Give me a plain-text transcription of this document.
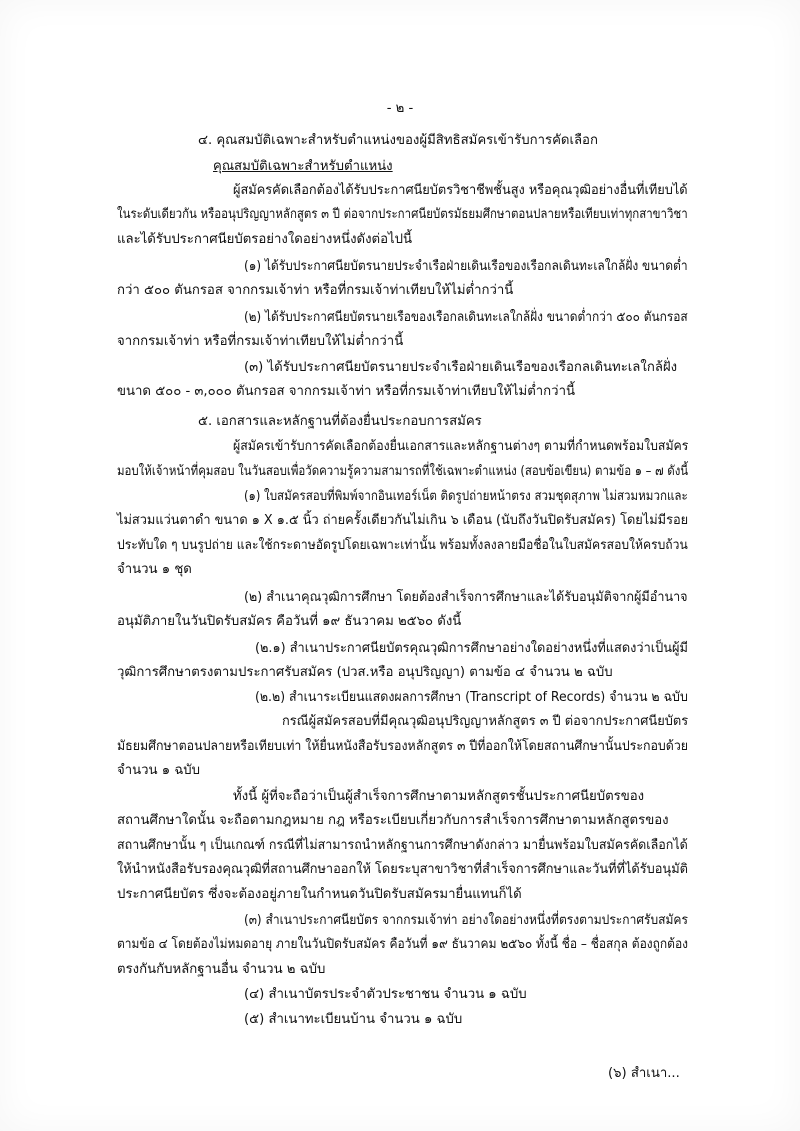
- ๒ -
๔. คุณสมบัติเฉพาะสำหรับตำแหน่งของผู้มีสิทธิสมัครเข้ารับการคัดเลือก
คุณสมบัติเฉพาะสำหรับตำแหน่ง
ผู้สมัครคัดเลือกต้องได้รับประกาศนียบัตรวิชาชีพชั้นสูง หรือคุณวุฒิอย่างอื่นที่เทียบได้
ในระดับเดียวกัน หรืออนุปริญญาหลักสูตร ๓ ปี ต่อจากประกาศนียบัตรมัธยมศึกษาตอนปลายหรือเทียบเท่าทุกสาขาวิชา
และได้รับประกาศนียบัตรอย่างใดอย่างหนึ่งดังต่อไปนี้
(๑) ได้รับประกาศนียบัตรนายประจำเรือฝ่ายเดินเรือของเรือกลเดินทะเลใกล้ฝั่ง ขนาดต่ำ
กว่า ๕๐๐ ตันกรอส จากกรมเจ้าท่า หรือที่กรมเจ้าท่าเทียบให้ไม่ต่ำกว่านี้
(๒) ได้รับประกาศนียบัตรนายเรือของเรือกลเดินทะเลใกล้ฝั่ง ขนาดต่ำกว่า ๕๐๐ ตันกรอส
จากกรมเจ้าท่า หรือที่กรมเจ้าท่าเทียบให้ไม่ต่ำกว่านี้
(๓) ได้รับประกาศนียบัตรนายประจำเรือฝ่ายเดินเรือของเรือกลเดินทะเลใกล้ฝั่ง
ขนาด ๕๐๐ - ๓,๐๐๐ ตันกรอส จากกรมเจ้าท่า หรือที่กรมเจ้าท่าเทียบให้ไม่ต่ำกว่านี้
๕. เอกสารและหลักฐานที่ต้องยื่นประกอบการสมัคร
ผู้สมัครเข้ารับการคัดเลือกต้องยื่นเอกสารและหลักฐานต่างๆ ตามที่กำหนดพร้อมใบสมัคร
มอบให้เจ้าหน้าที่คุมสอบ ในวันสอบเพื่อวัดความรู้ความสามารถที่ใช้เฉพาะตำแหน่ง (สอบข้อเขียน) ตามข้อ ๑ – ๗ ดังนี้
(๑) ใบสมัครสอบที่พิมพ์จากอินเทอร์เน็ต ติดรูปถ่ายหน้าตรง สวมชุดสุภาพ ไม่สวมหมวกและ
ไม่สวมแว่นตาดำ ขนาด ๑ X ๑.๕ นิ้ว ถ่ายครั้งเดียวกันไม่เกิน ๖ เดือน (นับถึงวันปิดรับสมัคร) โดยไม่มีรอย
ประทับใด ๆ บนรูปถ่าย และใช้กระดาษอัดรูปโดยเฉพาะเท่านั้น พร้อมทั้งลงลายมือชื่อในใบสมัครสอบให้ครบถ้วน
จำนวน ๑ ชุด
(๒) สำเนาคุณวุฒิการศึกษา โดยต้องสำเร็จการศึกษาและได้รับอนุมัติจากผู้มีอำนาจ
อนุมัติภายในวันปิดรับสมัคร คือวันที่ ๑๙ ธันวาคม ๒๕๖๐ ดังนี้
(๒.๑) สำเนาประกาศนียบัตรคุณวุฒิการศึกษาอย่างใดอย่างหนึ่งที่แสดงว่าเป็นผู้มี
วุฒิการศึกษาตรงตามประกาศรับสมัคร (ปวส.หรือ อนุปริญญา) ตามข้อ ๔ จำนวน ๒ ฉบับ
(๒.๒) สำเนาระเบียนแสดงผลการศึกษา (Transcript of Records) จำนวน ๒ ฉบับ
กรณีผู้สมัครสอบที่มีคุณวุฒิอนุปริญญาหลักสูตร ๓ ปี ต่อจากประกาศนียบัตร
มัธยมศึกษาตอนปลายหรือเทียบเท่า ให้ยื่นหนังสือรับรองหลักสูตร ๓ ปีที่ออกให้โดยสถานศึกษานั้นประกอบด้วย
จำนวน ๑ ฉบับ
ทั้งนี้ ผู้ที่จะถือว่าเป็นผู้สำเร็จการศึกษาตามหลักสูตรชั้นประกาศนียบัตรของ
สถานศึกษาใดนั้น จะถือตามกฎหมาย กฎ หรือระเบียบเกี่ยวกับการสำเร็จการศึกษาตามหลักสูตรของ
สถานศึกษานั้น ๆ เป็นเกณฑ์ กรณีที่ไม่สามารถนำหลักฐานการศึกษาดังกล่าว มายื่นพร้อมใบสมัครคัดเลือกได้
ให้นำหนังสือรับรองคุณวุฒิที่สถานศึกษาออกให้ โดยระบุสาขาวิชาที่สำเร็จการศึกษาและวันที่ที่ได้รับอนุมัติ
ประกาศนียบัตร ซึ่งจะต้องอยู่ภายในกำหนดวันปิดรับสมัครมายื่นแทนก็ได้
(๓) สำเนาประกาศนียบัตร จากกรมเจ้าท่า อย่างใดอย่างหนึ่งที่ตรงตามประกาศรับสมัคร
ตามข้อ ๔ โดยต้องไม่หมดอายุ ภายในวันปิดรับสมัคร คือวันที่ ๑๙ ธันวาคม ๒๕๖๐ ทั้งนี้ ชื่อ – ชื่อสกุล ต้องถูกต้อง
ตรงกันกับหลักฐานอื่น จำนวน ๒ ฉบับ
(๔) สำเนาบัตรประจำตัวประชาชน จำนวน ๑ ฉบับ
(๕) สำเนาทะเบียนบ้าน จำนวน ๑ ฉบับ
(๖) สำเนา...
